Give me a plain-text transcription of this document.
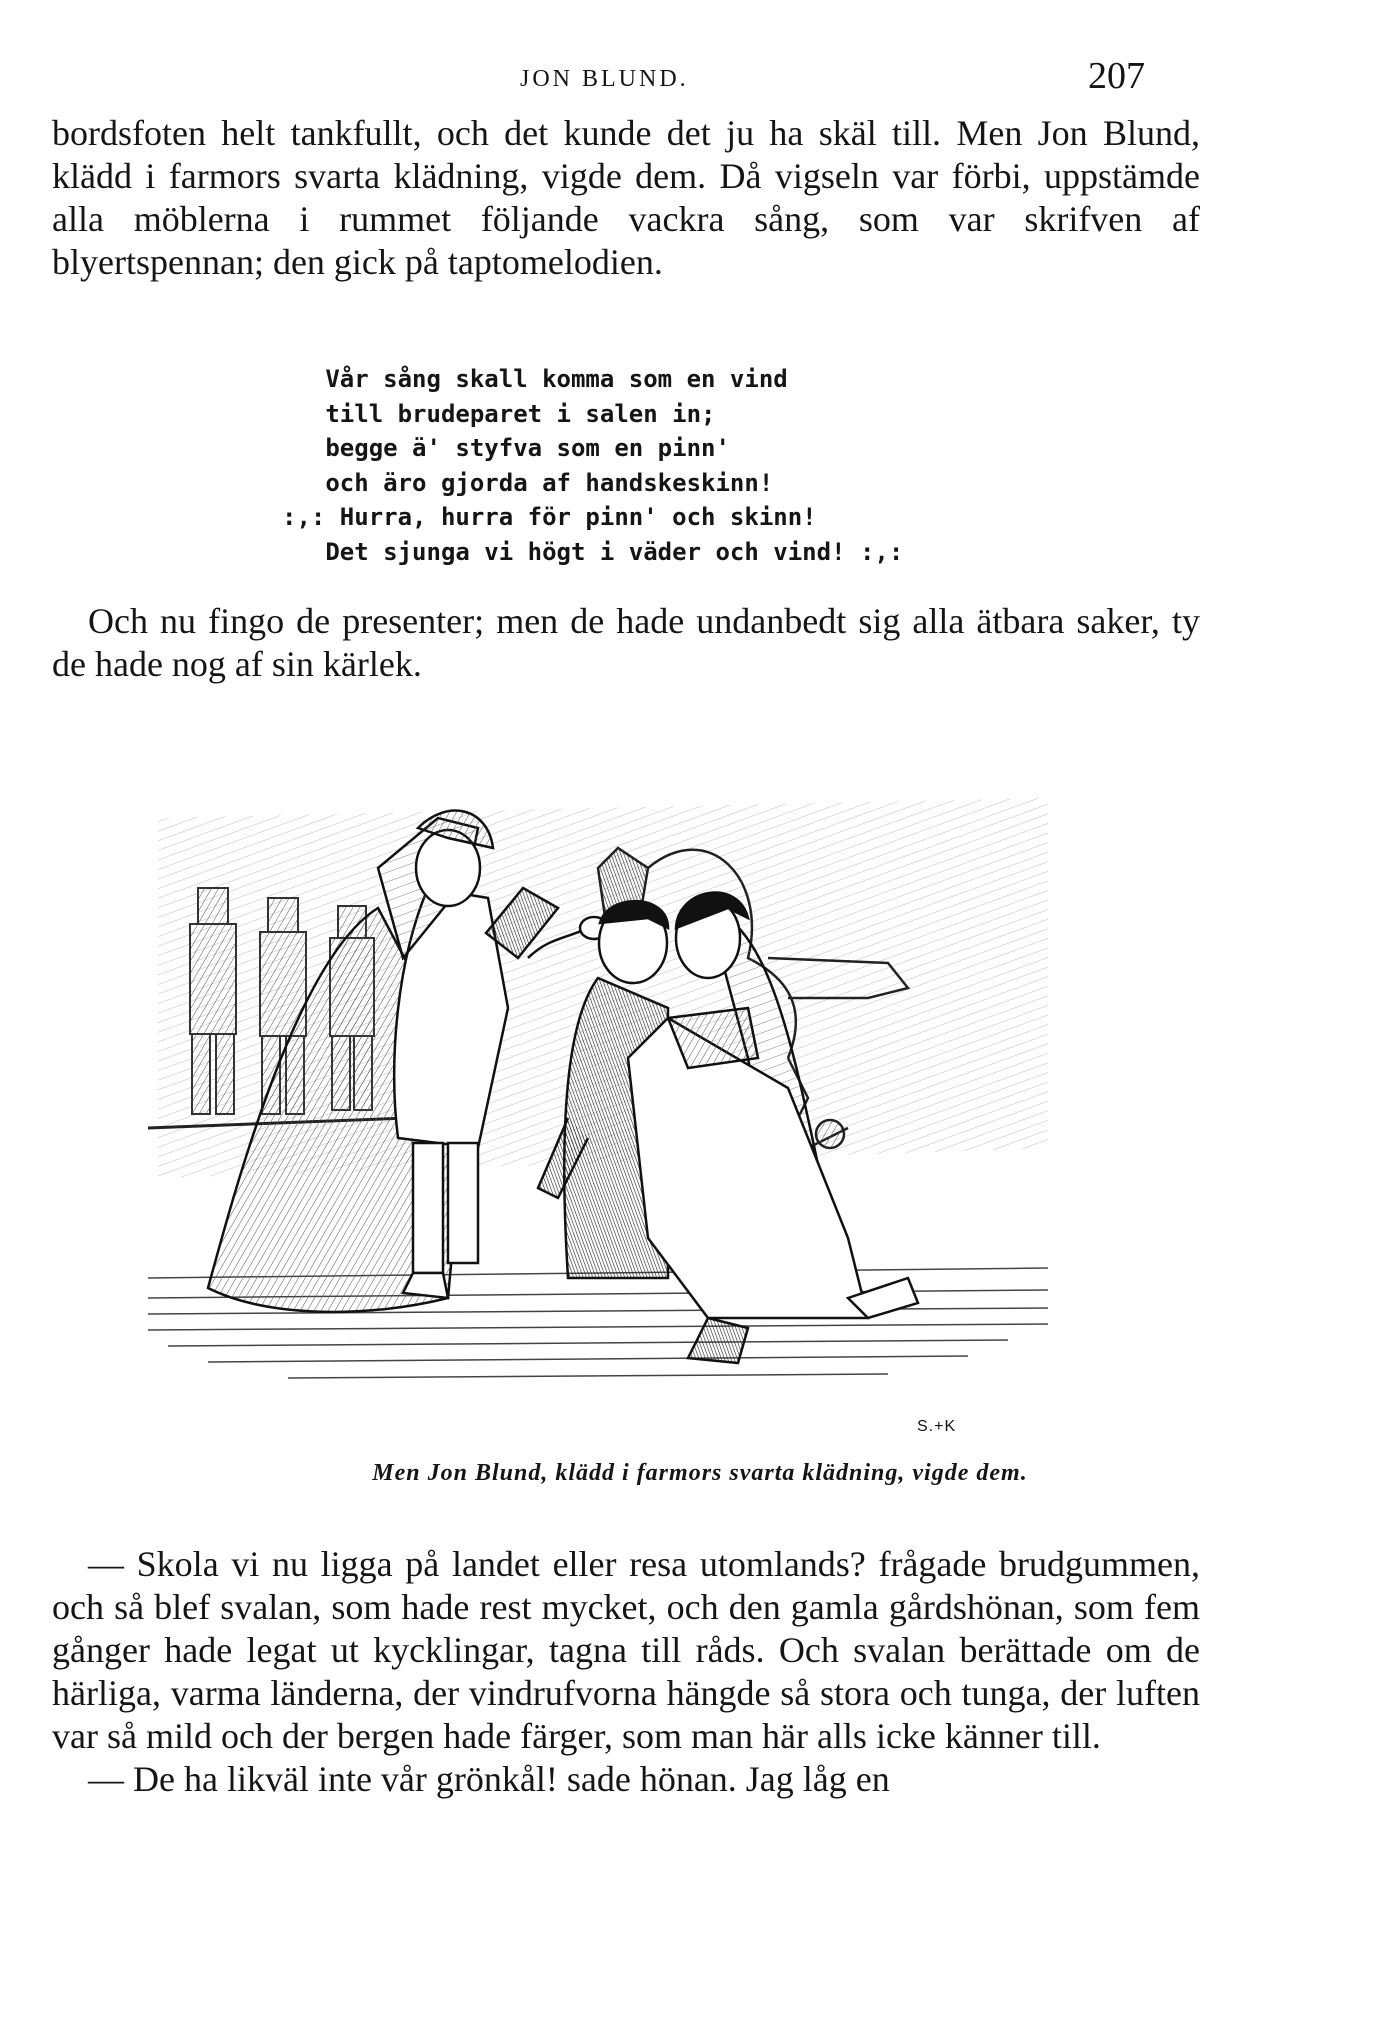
JON BLUND.	207

bordsfoten helt tankfullt, och det kunde det ju ha skäl till. Men Jon Blund, klädd i farmors svarta klädning, vigde dem. Då vigseln var förbi, uppstämde alla möblerna i rummet följande vackra sång, som var skrifven af blyertspennan; den gick på taptomelodien.

Vår sång skall komma som en vind
till brudeparet i salen in;
begge ä' styfva som en pinn'
och äro gjorda af handskeskinn!
:,: Hurra, hurra för pinn' och skinn!
Det sjunga vi högt i väder och vind! :,:

Och nu fingo de presenter; men de hade undanbedt sig alla ätbara saker, ty de hade nog af sin kärlek.

S.+K
Men Jon Blund, klädd i farmors svarta klädning, vigde dem.

— Skola vi nu ligga på landet eller resa utomlands? frågade brudgummen, och så blef svalan, som hade rest mycket, och den gamla gårdshönan, som fem gånger hade legat ut kycklingar, tagna till råds. Och svalan berättade om de härliga, varma länderna, der vindrufvorna hängde så stora och tunga, der luften var så mild och der bergen hade färger, som man här alls icke känner till.

— De ha likväl inte vår grönkål! sade hönan. Jag låg en
